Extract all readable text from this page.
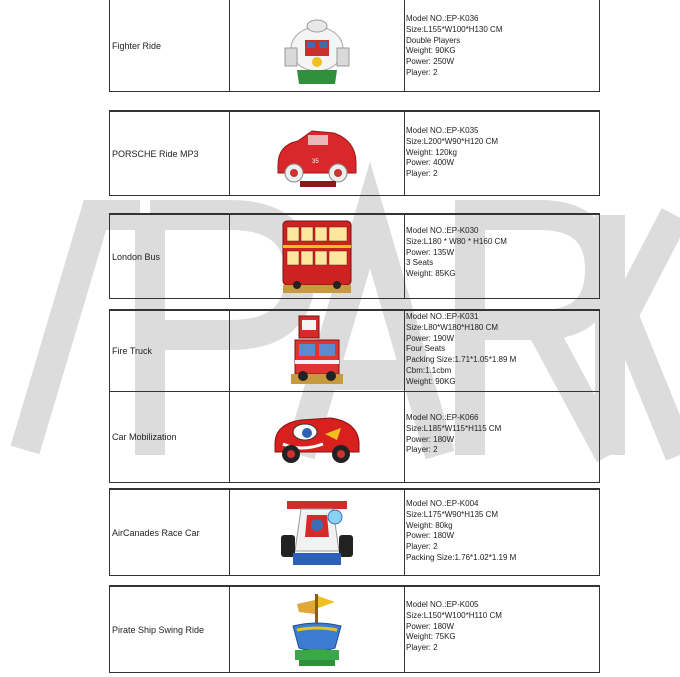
Fighter Ride
Model NO.:EP-K036
Size:L155*W100*H130 CM
Double Players
Weight: 90KG
Power: 250W
Player: 2
PORSCHE Ride MP3
35
Model NO.:EP-K035
Size:L200*W90*H120 CM
Weight: 120kg
Power: 400W
Player: 2
London Bus
Model NO.:EP-K030
Size:L180 * W80 * H160 CM
Power: 135W
3 Seats
Weight: 85KG
Fire Truck
Model NO.:EP-K031
Size:L80*W180*H180 CM
Power: 190W
Four Seats
Packing Size:1.71*1.05*1.89 M
Cbm:1.1cbm
Weight: 90KG
Car Mobilization
Model NO.:EP-K066
Size:L185*W115*H115 CM
Power: 180W
Player: 2
AirCanades Race Car
Model NO.:EP-K004
Size:L175*W90*H135 CM
Weight: 80kg
Power: 180W
Player: 2
Packing Size:1.76*1.02*1.19 M
Pirate Ship Swing Ride
Model NO.:EP-K005
Size:L150*W100*H110 CM
Power: 180W
Weight: 75KG
Player: 2
